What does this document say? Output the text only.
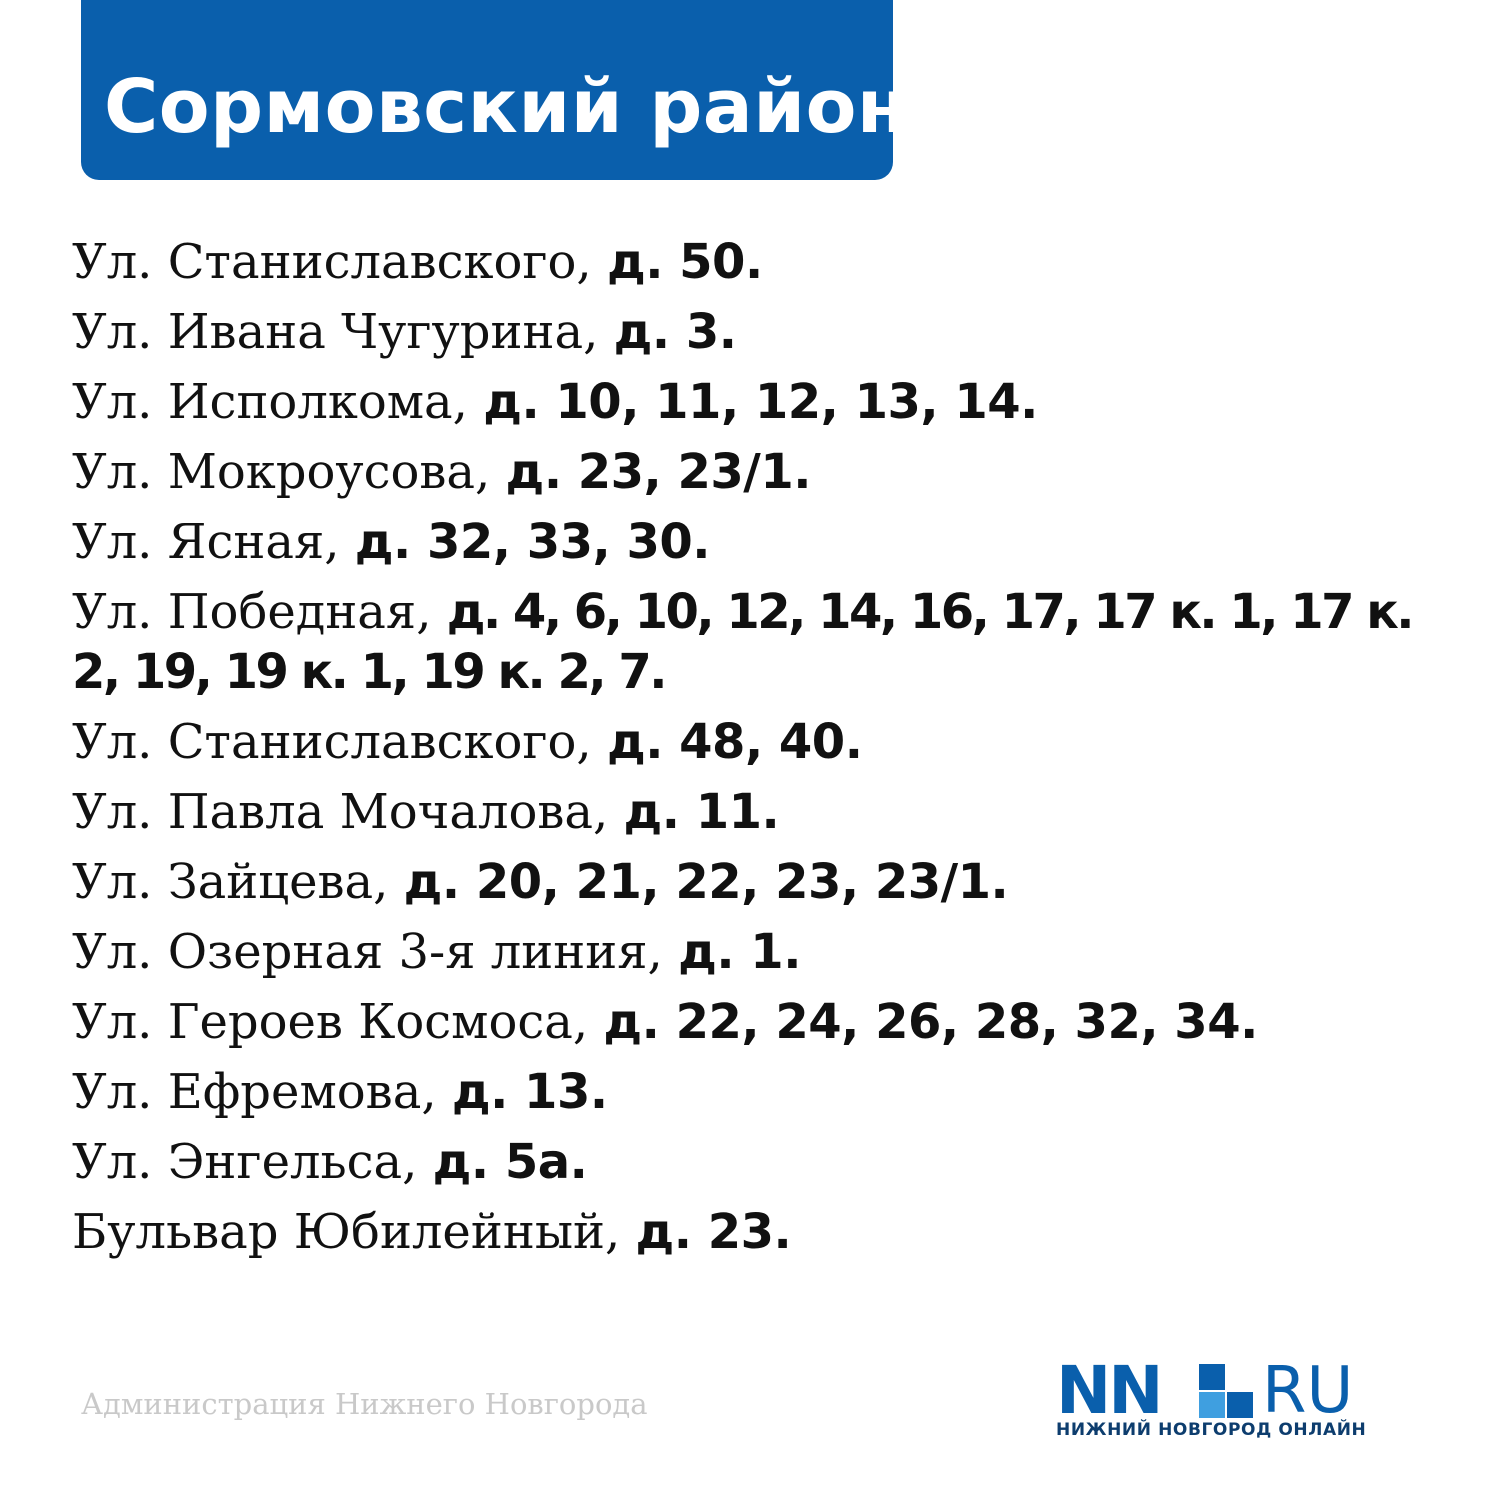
Сормовский район
Ул. Станиславского, д. 50.
Ул. Ивана Чугурина, д. 3.
Ул. Исполкома, д. 10, 11, 12, 13, 14.
Ул. Мокроусова, д. 23, 23/1.
Ул. Ясная, д. 32, 33, 30.
Ул. Победная, д. 4, 6, 10, 12, 14, 16, 17, 17 к. 1, 17 к. 2, 19, 19 к. 1, 19 к. 2, 7.
Ул. Станиславского, д. 48, 40.
Ул. Павла Мочалова, д. 11.
Ул. Зайцева, д. 20, 21, 22, 23, 23/1.
Ул. Озерная 3-я линия, д. 1.
Ул. Героев Космоса, д. 22, 24, 26, 28, 32, 34.
Ул. Ефремова, д. 13.
Ул. Энгельса, д. 5а.
Бульвар Юбилейный, д. 23.
Администрация Нижнего Новгорода	NN RU
НИЖНИЙ НОВГОРОД ОНЛАЙН
